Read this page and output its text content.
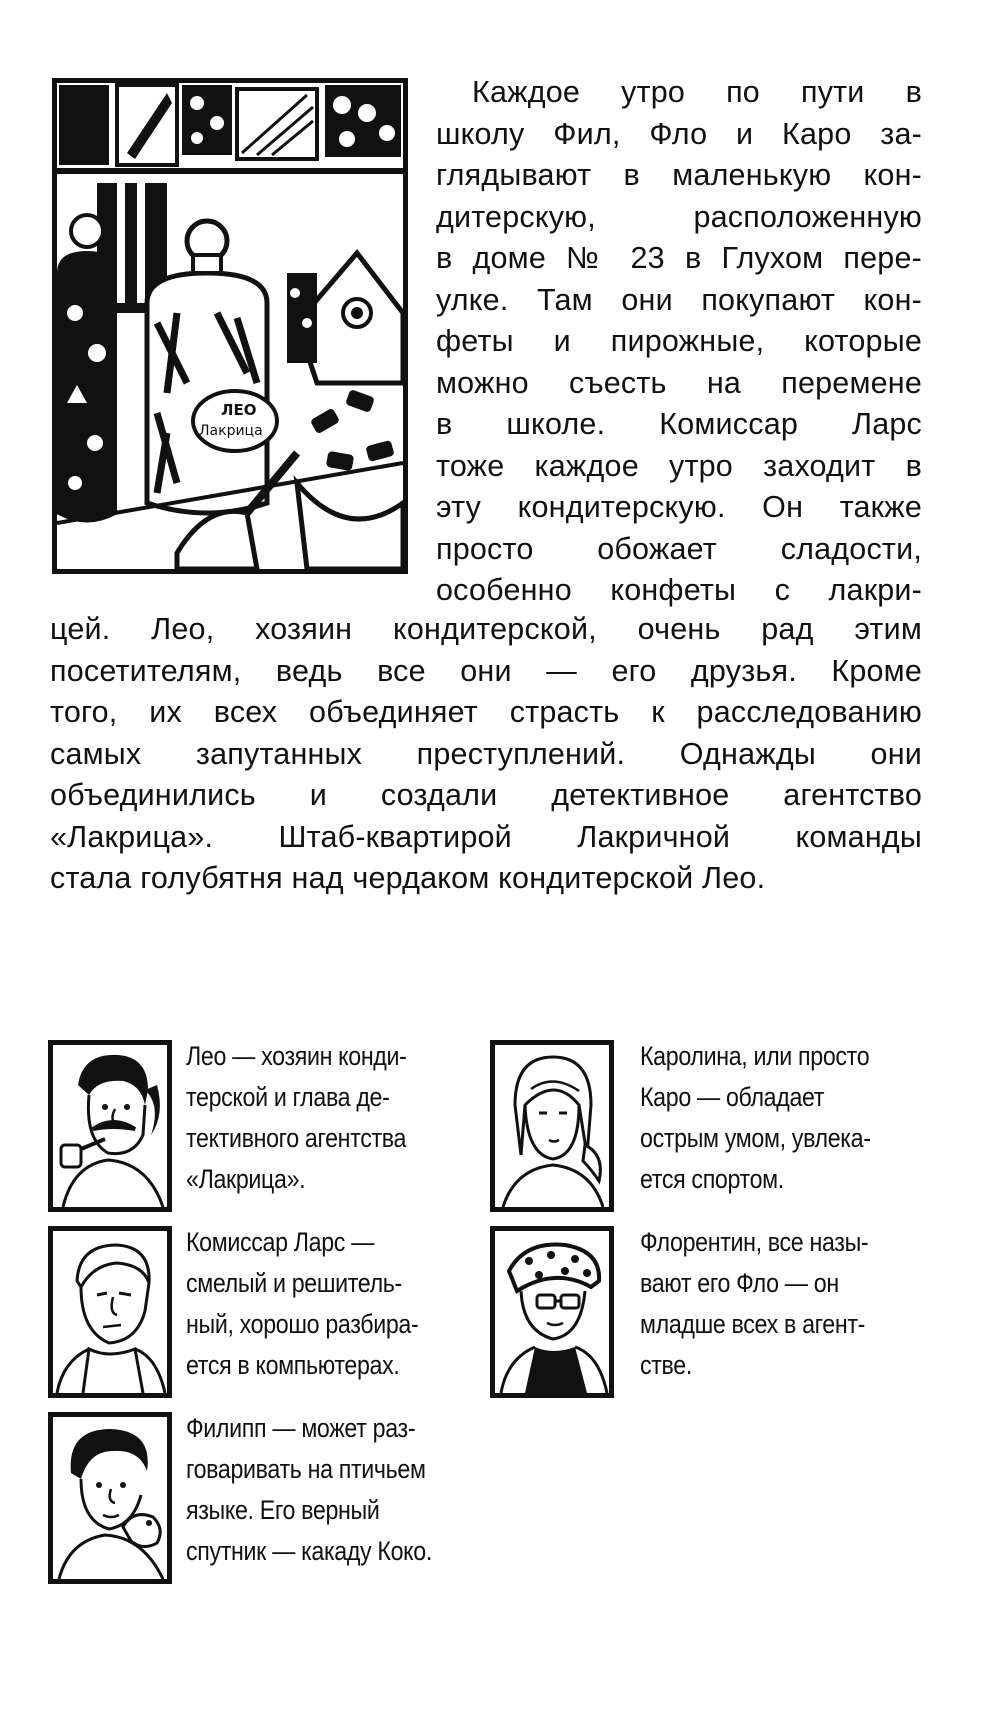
ЛЕО
Лакрица
Каждое утро по пути в
школу Фил, Фло и Каро за-
глядывают в маленькую кон-
дитерскую, расположенную
в доме № 23 в Глухом пере-
улке. Там они покупают кон-
феты и пирожные, которые
можно съесть на перемене
в школе. Комиссар Ларс
тоже каждое утро заходит в
эту кондитерскую. Он также
просто обожает сладости,
особенно конфеты с лакри-
цей. Лео, хозяин кондитерской, очень рад этим
посетителям, ведь все они — его друзья. Кроме
того, их всех объединяет страсть к расследованию
самых запутанных преступлений. Однажды они
объединились и создали детективное агентство
«Лакрица». Штаб-квартирой Лакричной команды
стала голубятня над чердаком кондитерской Лео.
Лео — хозяин конди-
терской и глава де-
тективного агентства
«Лакрица».
Каролина, или просто
Каро — обладает
острым умом, увлека-
ется спортом.
Комиссар Ларс —
смелый и решитель-
ный, хорошо разбира-
ется в компьютерах.
Флорентин, все назы-
вают его Фло — он
младше всех в агент-
стве.
Филипп — может раз-
говаривать на птичьем
языке. Его верный
спутник — какаду Коко.
